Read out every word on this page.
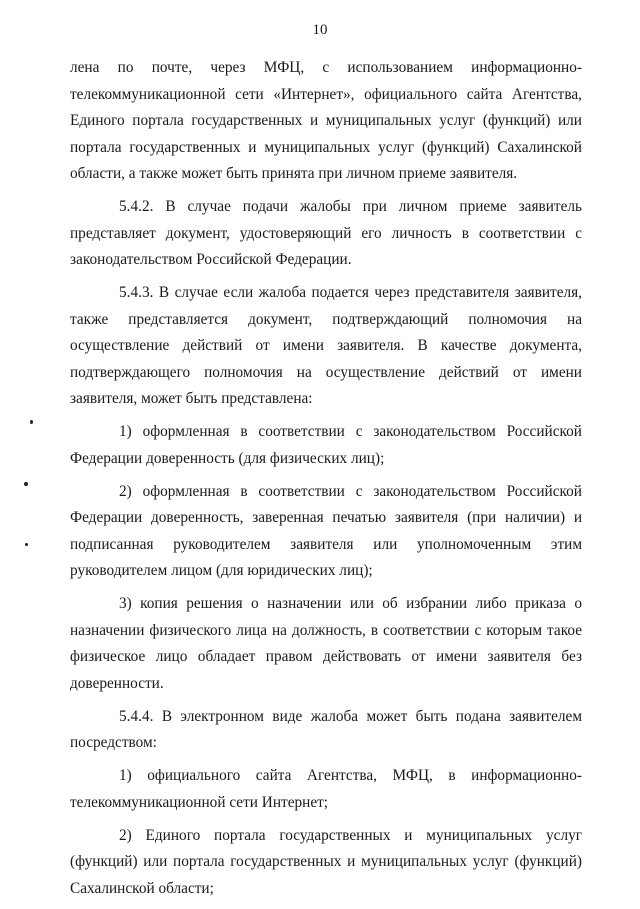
10

лена по почте, через МФЦ, с использованием информационно-телекоммуникационной сети «Интернет», официального сайта Агентства, Единого портала государственных и муниципальных услуг (функций) или портала государственных и муниципальных услуг (функций) Сахалинской области, а также может быть принята при личном приеме заявителя.

5.4.2. В случае подачи жалобы при личном приеме заявитель представляет документ, удостоверяющий его личность в соответствии с законодательством Российской Федерации.

5.4.3. В случае если жалоба подается через представителя заявителя, также представляется документ, подтверждающий полномочия на осуществление действий от имени заявителя. В качестве документа, подтверждающего полномочия на осуществление действий от имени заявителя, может быть представлена:

1) оформленная в соответствии с законодательством Российской Федерации доверенность (для физических лиц);

2) оформленная в соответствии с законодательством Российской Федерации доверенность, заверенная печатью заявителя (при наличии) и подписанная руководителем заявителя или уполномоченным этим руководителем лицом (для юридических лиц);

3) копия решения о назначении или об избрании либо приказа о назначении физического лица на должность, в соответствии с которым такое физическое лицо обладает правом действовать от имени заявителя без доверенности.

5.4.4. В электронном виде жалоба может быть подана заявителем посредством:

1) официального сайта Агентства, МФЦ, в информационно-телекоммуникационной сети Интернет;

2) Единого портала государственных и муниципальных услуг (функций) или портала государственных и муниципальных услуг (функций) Сахалинской области;
